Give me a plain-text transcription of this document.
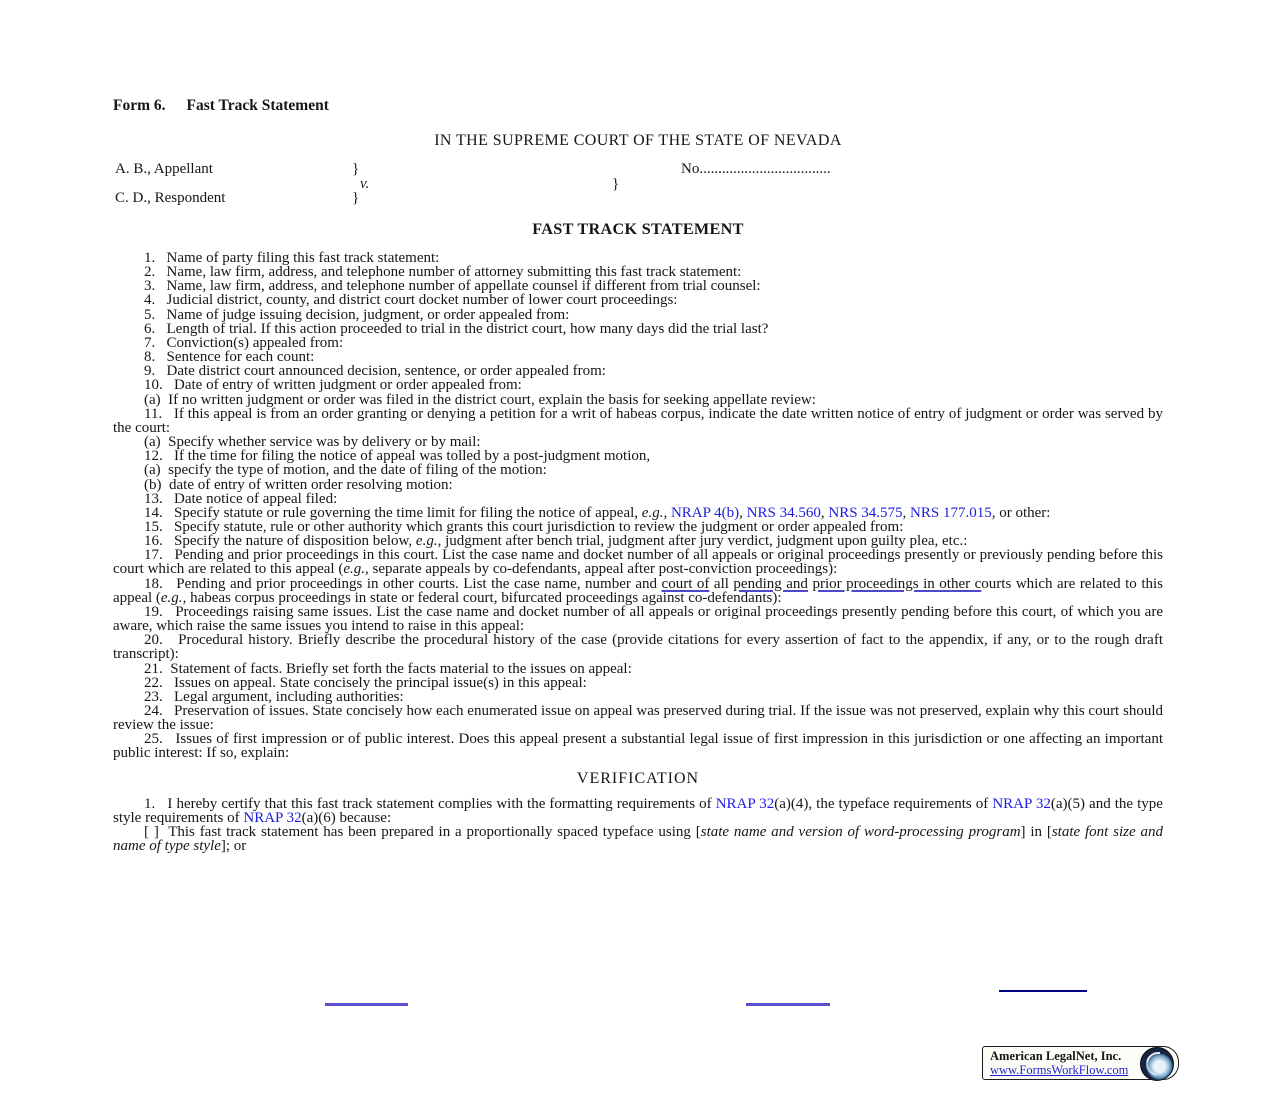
Form 6. Fast Track Statement
IN THE SUPREME COURT OF THE STATE OF NEVADA
A. B., Appellant	}	No...................................
v.	}
C. D., Respondent	}
FAST TRACK STATEMENT

1.   Name of party filing this fast track statement:

2.   Name, law firm, address, and telephone number of attorney submitting this fast track statement:

3.   Name, law firm, address, and telephone number of appellate counsel if different from trial counsel:

4.   Judicial district, county, and district court docket number of lower court proceedings:

5.   Name of judge issuing decision, judgment, or order appealed from:

6.   Length of trial. If this action proceeded to trial in the district court, how many days did the trial last?

7.   Conviction(s) appealed from:

8.   Sentence for each count:

9.   Date district court announced decision, sentence, or order appealed from:

10.   Date of entry of written judgment or order appealed from:

(a)  If no written judgment or order was filed in the district court, explain the basis for seeking appellate review:

11.   If this appeal is from an order granting or denying a petition for a writ of habeas corpus, indicate the date written notice of entry of judgment or order was served by the court:

(a)  Specify whether service was by delivery or by mail:

12.   If the time for filing the notice of appeal was tolled by a post-judgment motion,

(a)  specify the type of motion, and the date of filing of the motion:

(b)  date of entry of written order resolving motion:

13.   Date notice of appeal filed:

14.   Specify statute or rule governing the time limit for filing the notice of appeal, e.g., NRAP 4(b), NRS 34.560, NRS 34.575, NRS 177.015, or other:

15.   Specify statute, rule or other authority which grants this court jurisdiction to review the judgment or order appealed from:

16.   Specify the nature of disposition below, e.g., judgment after bench trial, judgment after jury verdict, judgment upon guilty plea, etc.:

17.   Pending and prior proceedings in this court. List the case name and docket number of all appeals or original proceedings presently or previously pending before this court which are related to this appeal (e.g., separate appeals by co-defendants, appeal after post-conviction proceedings):

18.   Pending and prior proceedings in other courts. List the case name, number and court of all pending and prior proceedings in other courts which are related to this appeal (e.g., habeas corpus proceedings in state or federal court, bifurcated proceedings against co-defendants):

19.   Proceedings raising same issues. List the case name and docket number of all appeals or original proceedings presently pending before this court, of which you are aware, which raise the same issues you intend to raise in this appeal:

20.   Procedural history. Briefly describe the procedural history of the case (provide citations for every assertion of fact to the appendix, if any, or to the rough draft transcript):

21.  Statement of facts. Briefly set forth the facts material to the issues on appeal:

22.   Issues on appeal. State concisely the principal issue(s) in this appeal:

23.   Legal argument, including authorities:

24.   Preservation of issues. State concisely how each enumerated issue on appeal was preserved during trial. If the issue was not preserved, explain why this court should review the issue:

25.   Issues of first impression or of public interest. Does this appeal present a substantial legal issue of first impression in this jurisdiction or one affecting an important public interest: If so, explain:

VERIFICATION

1.   I hereby certify that this fast track statement complies with the formatting requirements of NRAP 32(a)(4), the typeface requirements of NRAP 32(a)(5) and the type style requirements of NRAP 32(a)(6) because:

[ ]  This fast track statement has been prepared in a proportionally spaced typeface using [state name and version of word-processing program] in [state font size and name of type style]; or

American LegalNet, Inc.
www.FormsWorkFlow.com
